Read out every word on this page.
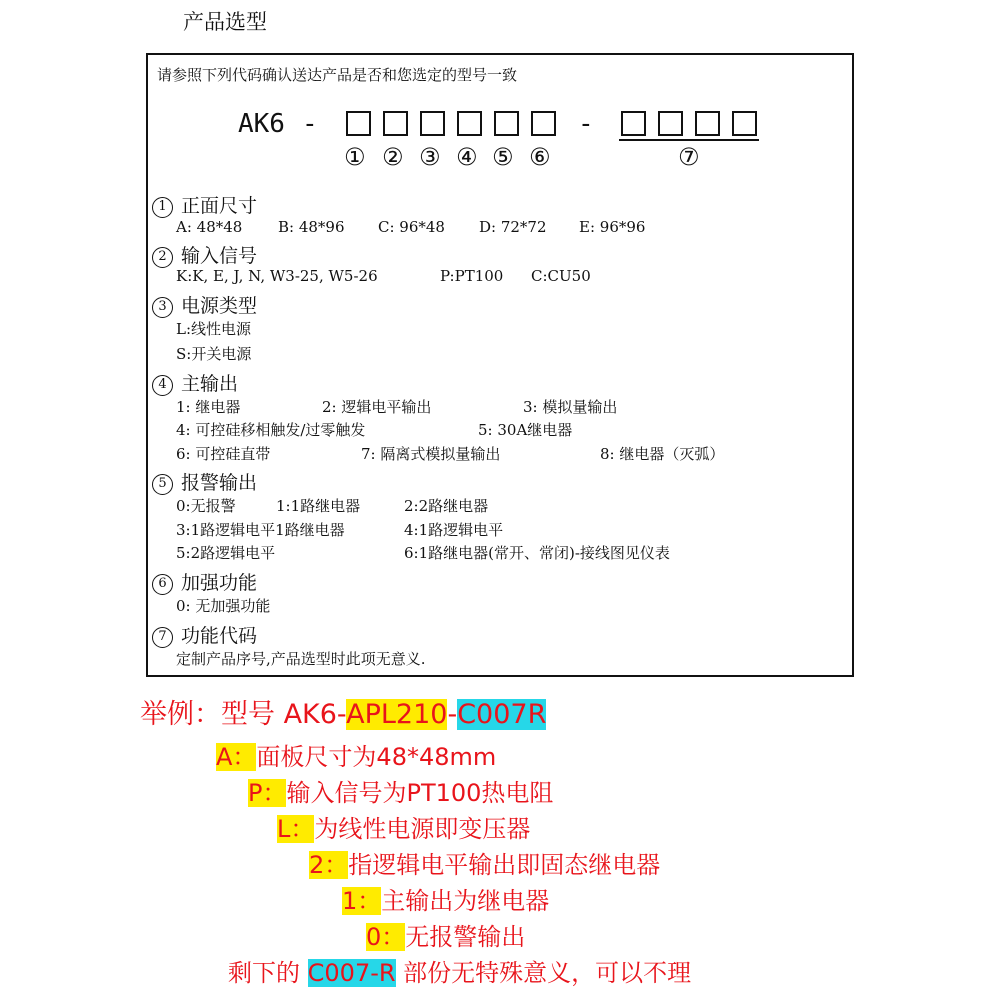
产品选型
请参照下列代码确认送达产品是否和您选定的型号一致
AK6 -	-
① ② ③ ④ ⑤ ⑥	⑦
1 正面尺寸
A: 48*48 B: 48*96 C: 96*48 D: 72*72 E: 96*96
2 输入信号
K:K, E, J, N, W3-25, W5-26	P:PT100 C:CU50
3 电源类型
L:线性电源
S:开关电源
4 主输出
1: 继电器	2: 逻辑电平输出	3: 模拟量输出
4: 可控硅移相触发/过零触发	5: 30A继电器
6: 可控硅直带	7: 隔离式模拟量输出	8: 继电器（灭弧）
5 报警输出
0:无报警	1:1路继电器	2:2路继电器
3:1路逻辑电平1路继电器	4:1路逻辑电平
5:2路逻辑电平	6:1路继电器(常开、常闭)-接线图见仪表
6 加强功能
0: 无加强功能
7 功能代码
定制产品序号,产品选型时此项无意义.
举例：型号 AK6-APL210-C007R
A：面板尺寸为48*48mm
P：输入信号为PT100热电阻
L：为线性电源即变压器
2：指逻辑电平输出即固态继电器
1：主输出为继电器
0：无报警输出
剩下的 C007-R 部份无特殊意义，可以不理
